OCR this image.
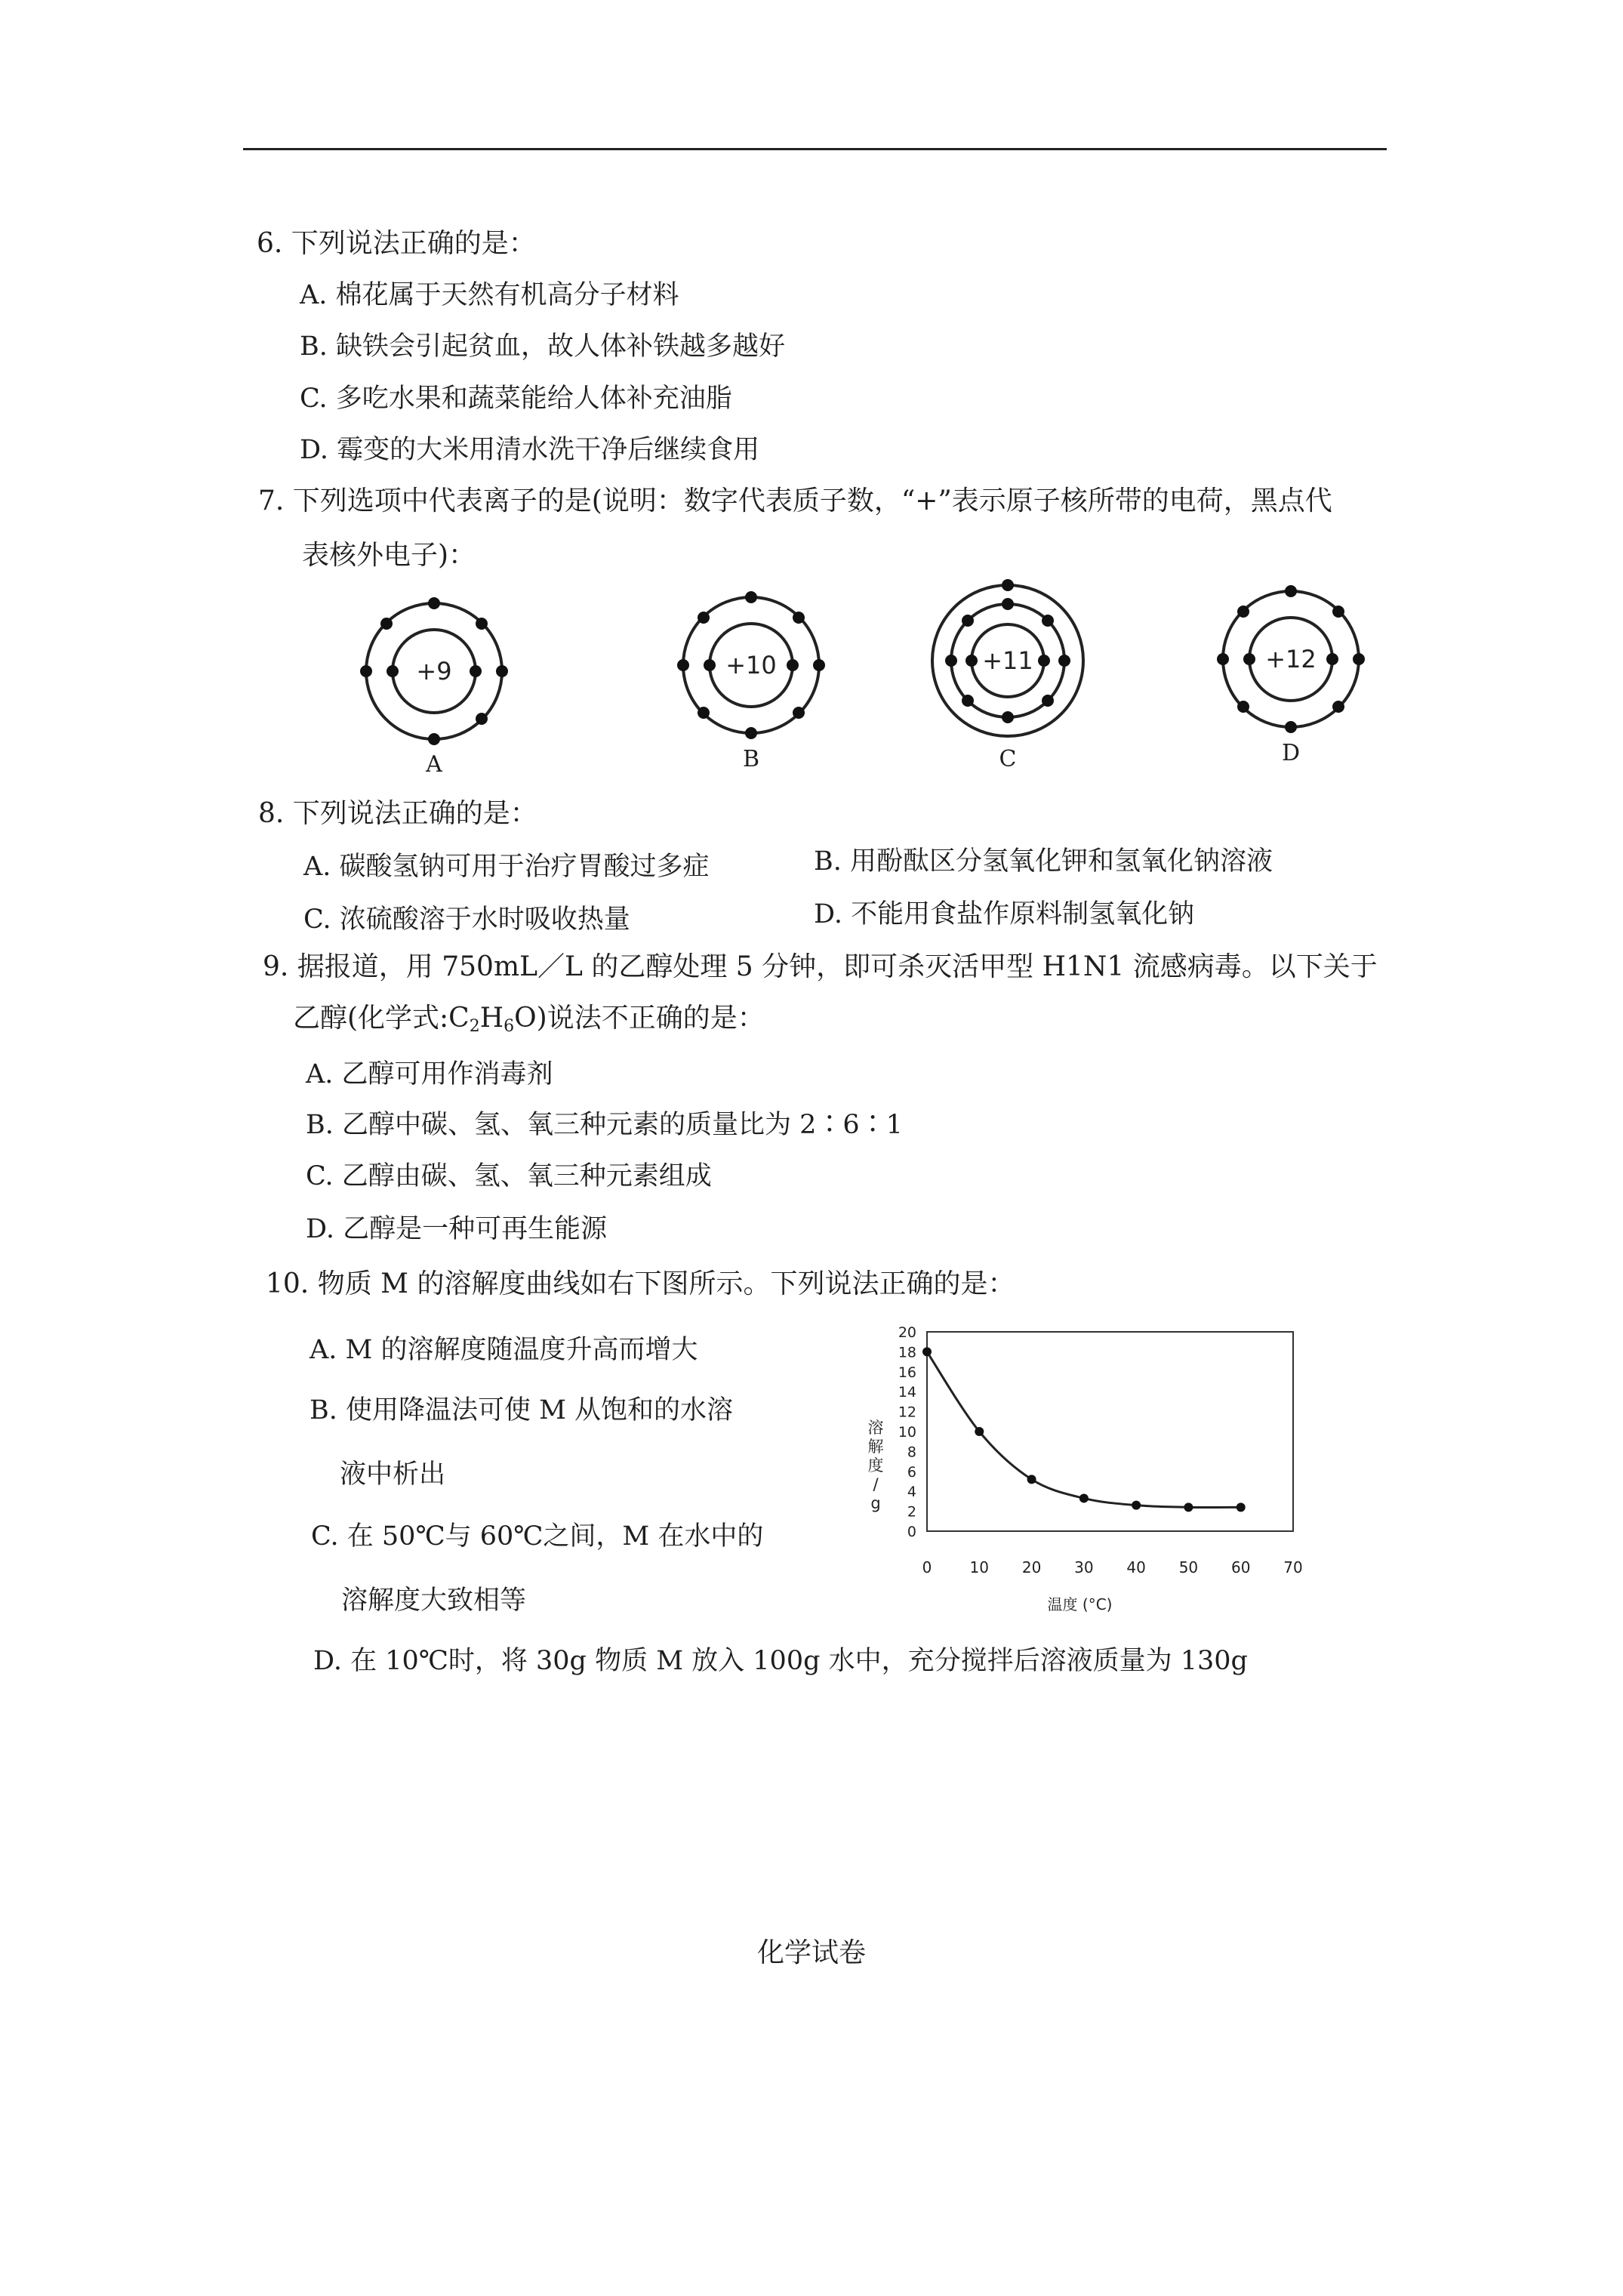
6. 下列说法正确的是：
A. 棉花属于天然有机高分子材料
B. 缺铁会引起贫血，故人体补铁越多越好
C. 多吃水果和蔬菜能给人体补充油脂
D. 霉变的大米用清水洗干净后继续食用
7. 下列选项中代表离子的是(说明：数字代表质子数，“+”表示原子核所带的电荷，黑点代
表核外电子)：
+9
A
+10
B
+11
C
+12
D
8. 下列说法正确的是：
A. 碳酸氢钠可用于治疗胃酸过多症	B. 用酚酞区分氢氧化钾和氢氧化钠溶液
C. 浓硫酸溶于水时吸收热量	D. 不能用食盐作原料制氢氧化钠
9. 据报道，用 750mL／L 的乙醇处理 5 分钟，即可杀灭活甲型 H1N1 流感病毒。以下关于
乙醇(化学式$:C_2H_6O$)说法不正确的是：
A. 乙醇可用作消毒剂
B. 乙醇中碳、氢、氧三种元素的质量比为 2∶6∶1
C. 乙醇由碳、氢、氧三种元素组成
D. 乙醇是一种可再生能源
10. 物质 M 的溶解度曲线如右下图所示。下列说法正确的是：
A. M 的溶解度随温度升高而增大
B. 使用降温法可使 M 从饱和的水溶
液中析出
C. 在 50℃与 60℃之间，M 在水中的
溶解度大致相等
D. 在 10℃时，将 30g 物质 M 放入 100g 水中，充分搅拌后溶液质量为 130g
0
2
4
6
8
10
12
14
16
18
20
0	10 20 30 40 50 60 70
温度 (°C)
溶
解
度
/
g
化学试卷
